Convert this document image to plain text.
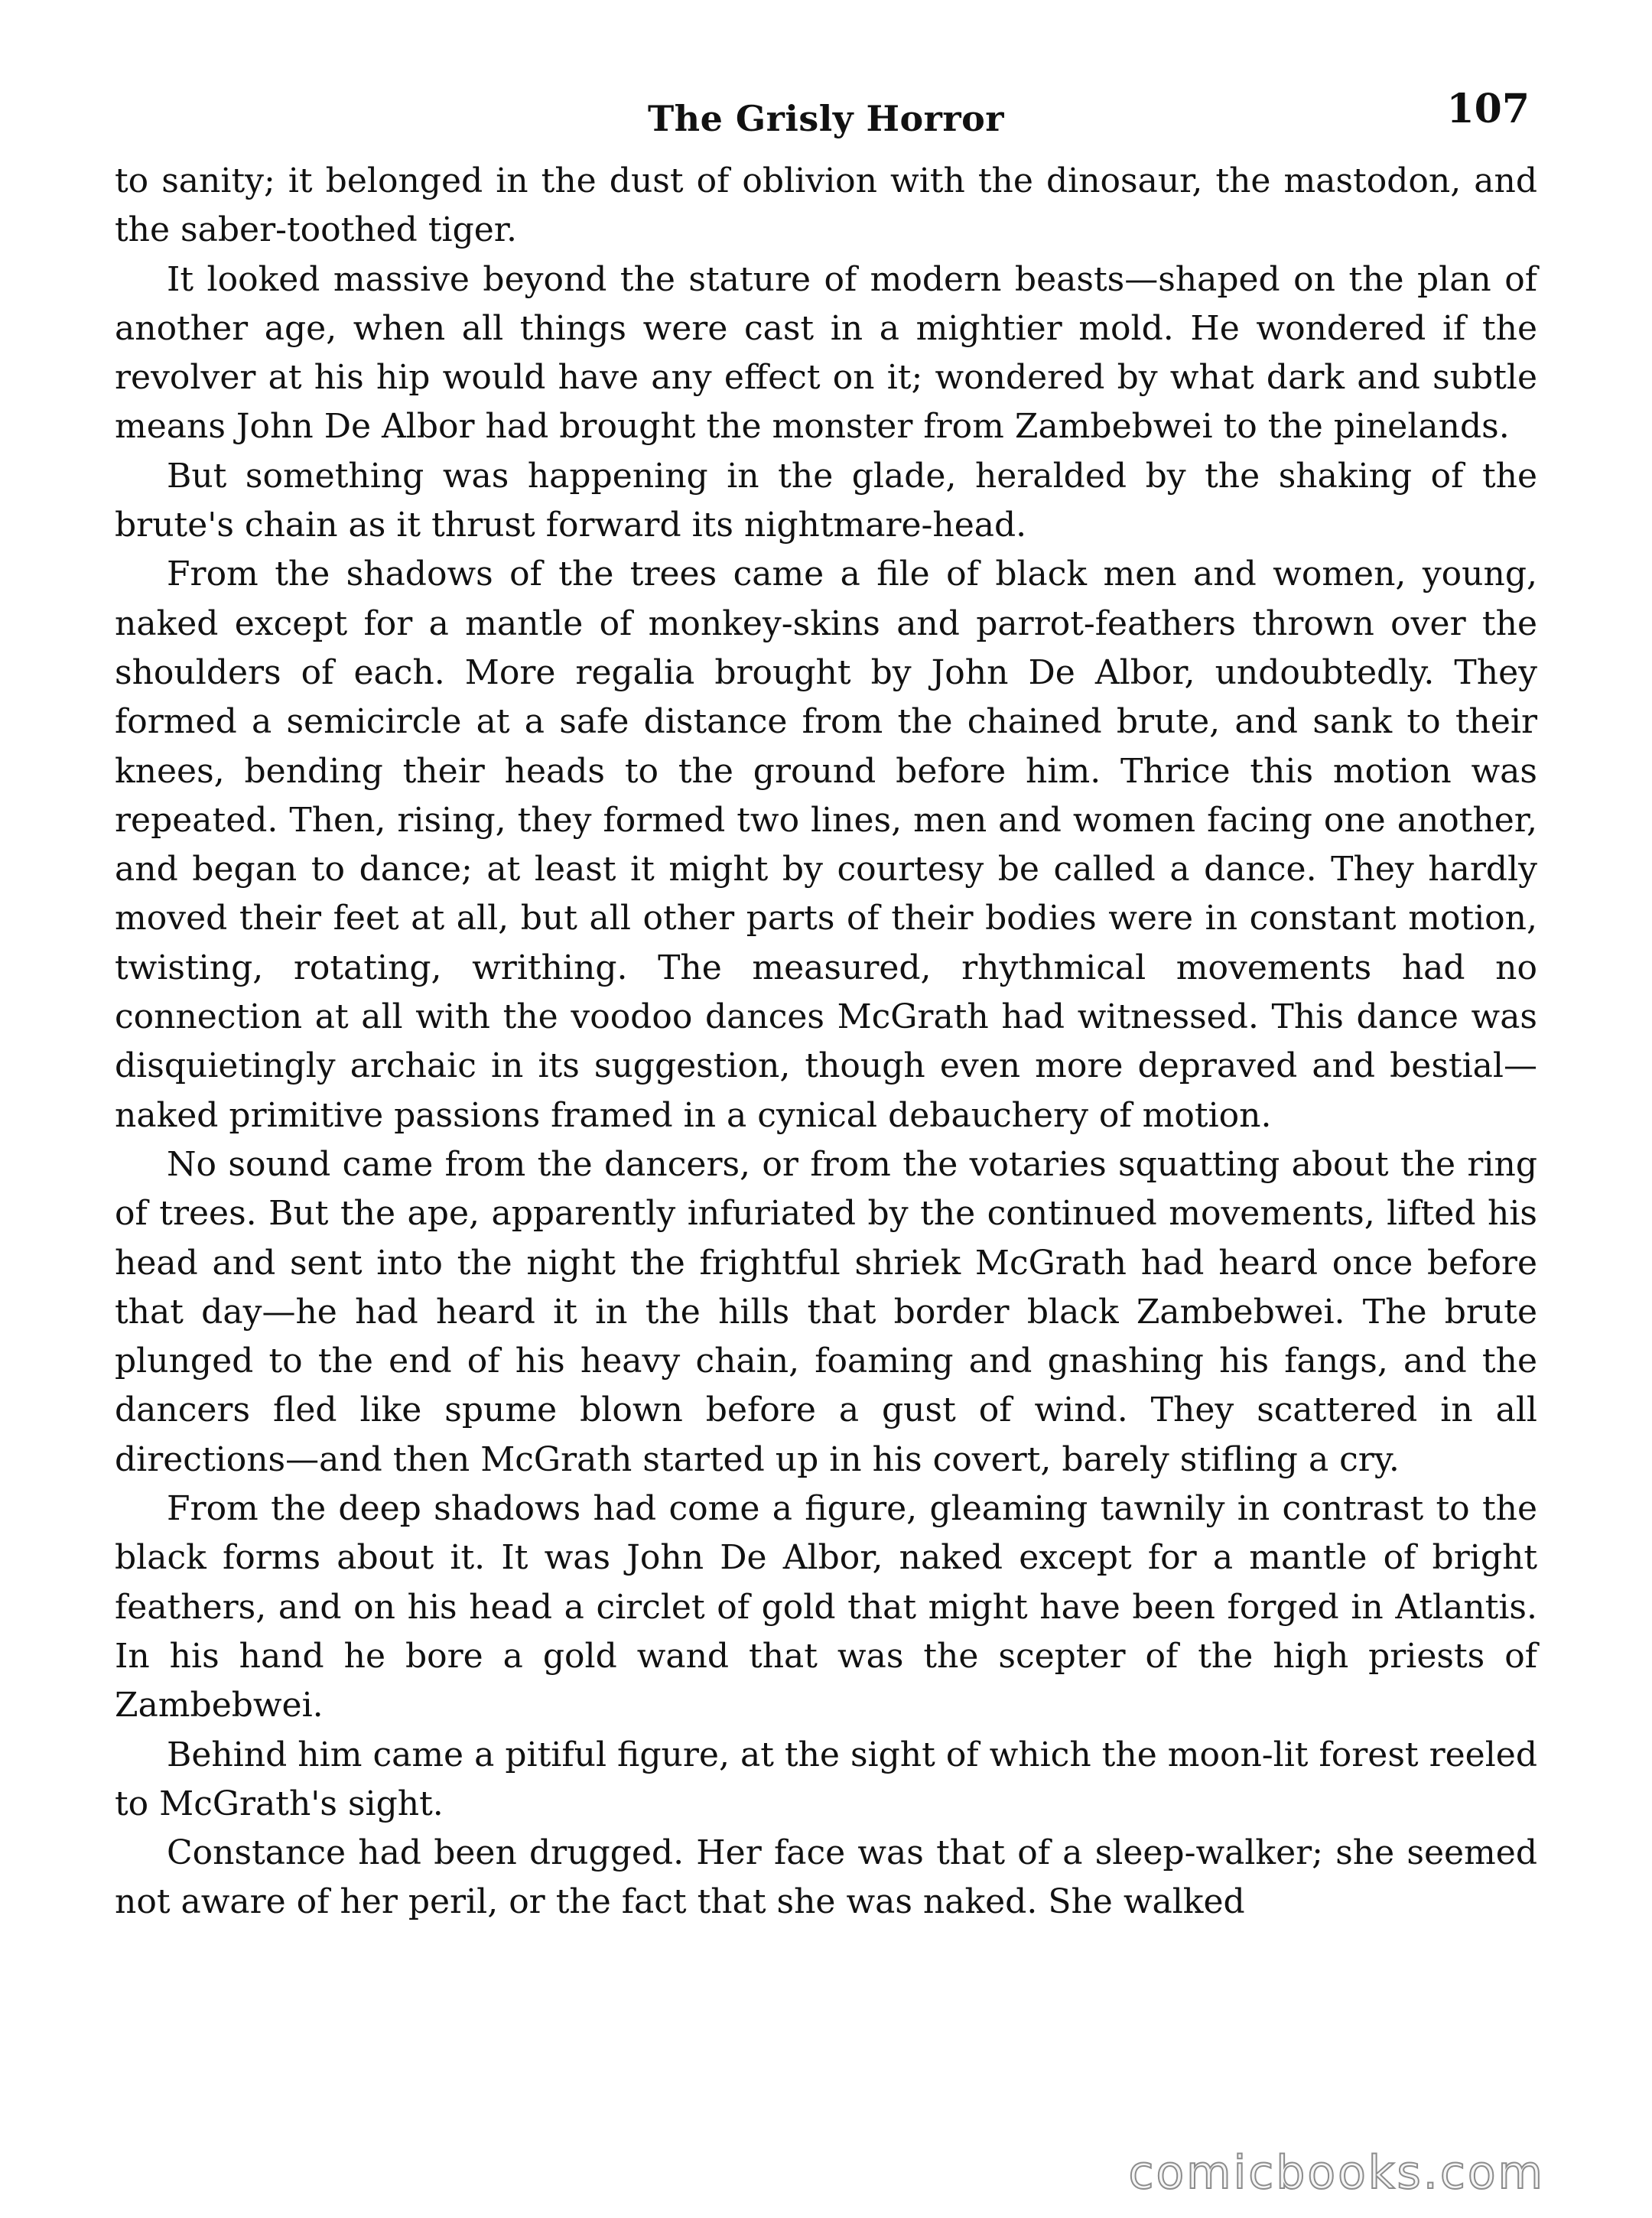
The Grisly Horror	107

to sanity; it belonged in the dust of oblivion with the dinosaur, the mastodon, and the saber-toothed tiger.

It looked massive beyond the stature of modern beasts—shaped on the plan of another age, when all things were cast in a mightier mold. He wondered if the revolver at his hip would have any effect on it; wondered by what dark and subtle means John De Albor had brought the monster from Zambebwei to the pinelands.

But something was happening in the glade, heralded by the shaking of the brute's chain as it thrust forward its nightmare-head.

From the shadows of the trees came a file of black men and women, young, naked except for a mantle of monkey-skins and parrot-feathers thrown over the shoulders of each. More regalia brought by John De Albor, undoubtedly. They formed a semicircle at a safe distance from the chained brute, and sank to their knees, bending their heads to the ground before him. Thrice this motion was repeated. Then, rising, they formed two lines, men and women facing one another, and began to dance; at least it might by courtesy be called a dance. They hardly moved their feet at all, but all other parts of their bodies were in constant motion, twisting, rotating, writhing. The measured, rhythmical movements had no connection at all with the voodoo dances McGrath had witnessed. This dance was disquietingly archaic in its suggestion, though even more depraved and bestial—naked primitive passions framed in a cynical debauchery of motion.

No sound came from the dancers, or from the votaries squatting about the ring of trees. But the ape, apparently infuriated by the continued movements, lifted his head and sent into the night the frightful shriek McGrath had heard once before that day—he had heard it in the hills that border black Zambebwei. The brute plunged to the end of his heavy chain, foaming and gnashing his fangs, and the dancers fled like spume blown before a gust of wind. They scattered in all directions—and then McGrath started up in his covert, barely stifling a cry.

From the deep shadows had come a figure, gleaming tawnily in contrast to the black forms about it. It was John De Albor, naked except for a mantle of bright feathers, and on his head a circlet of gold that might have been forged in Atlantis. In his hand he bore a gold wand that was the scepter of the high priests of Zambebwei.

Behind him came a pitiful figure, at the sight of which the moon-lit forest reeled to McGrath's sight.

Constance had been drugged. Her face was that of a sleep-walker; she seemed not aware of her peril, or the fact that she was naked. She walked

comicbooks.com
